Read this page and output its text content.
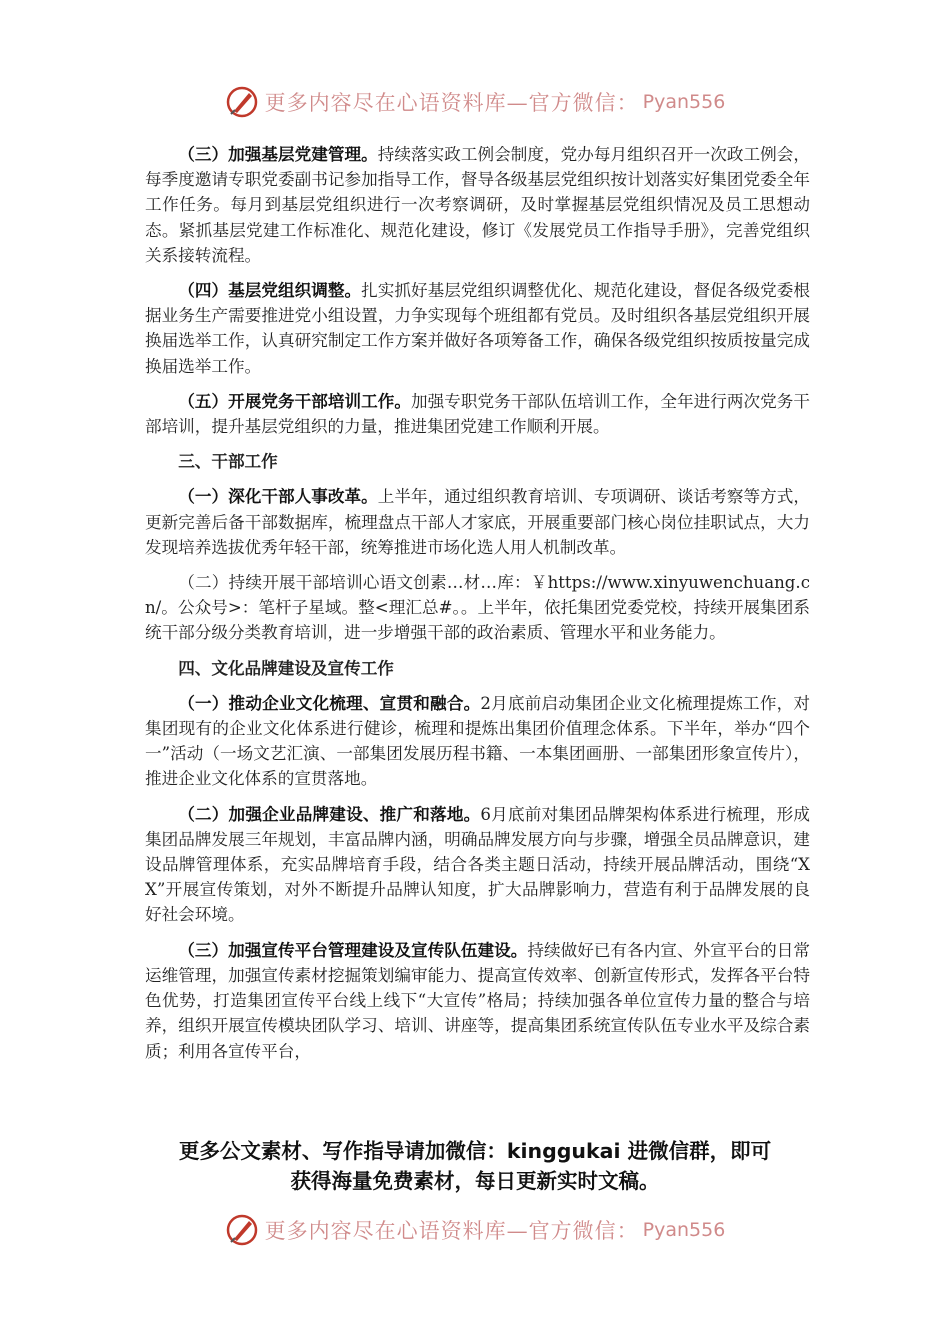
更多内容尽在心语资料库—官方微信： Pyan556
（三）加强基层党建管理。持续落实政工例会制度，党办每月组织召开一次政工例会，每季度邀请专职党委副书记参加指导工作，督导各级基层党组织按计划落实好集团党委全年工作任务。每月到基层党组织进行一次考察调研，及时掌握基层党组织情况及员工思想动态。紧抓基层党建工作标准化、规范化建设，修订《发展党员工作指导手册》，完善党组织关系接转流程。
（四）基层党组织调整。扎实抓好基层党组织调整优化、规范化建设，督促各级党委根据业务生产需要推进党小组设置，力争实现每个班组都有党员。及时组织各基层党组织开展换届选举工作，认真研究制定工作方案并做好各项筹备工作，确保各级党组织按质按量完成换届选举工作。
（五）开展党务干部培训工作。加强专职党务干部队伍培训工作，全年进行两次党务干部培训，提升基层党组织的力量，推进集团党建工作顺利开展。
三、干部工作
（一）深化干部人事改革。上半年，通过组织教育培训、专项调研、谈话考察等方式，更新完善后备干部数据库，梳理盘点干部人才家底，开展重要部门核心岗位挂职试点，大力发现培养选拔优秀年轻干部，统筹推进市场化选人用人机制改革。
（二）持续开展干部培训心语文创素…材…库：￥https://www.xinyuwenchuang.cn/。公众号>：笔杆子星域。整<理汇总#。。上半年，依托集团党委党校，持续开展集团系统干部分级分类教育培训，进一步增强干部的政治素质、管理水平和业务能力。
四、文化品牌建设及宣传工作
（一）推动企业文化梳理、宣贯和融合。2月底前启动集团企业文化梳理提炼工作，对集团现有的企业文化体系进行健诊，梳理和提炼出集团价值理念体系。下半年，举办“四个一”活动（一场文艺汇演、一部集团发展历程书籍、一本集团画册、一部集团形象宣传片），推进企业文化体系的宣贯落地。
（二）加强企业品牌建设、推广和落地。6月底前对集团品牌架构体系进行梳理，形成集团品牌发展三年规划，丰富品牌内涵，明确品牌发展方向与步骤，增强全员品牌意识，建设品牌管理体系，充实品牌培育手段，结合各类主题日活动，持续开展品牌活动，围绕“XX”开展宣传策划，对外不断提升品牌认知度，扩大品牌影响力，营造有利于品牌发展的良好社会环境。
（三）加强宣传平台管理建设及宣传队伍建设。持续做好已有各内宣、外宣平台的日常运维管理，加强宣传素材挖掘策划编审能力、提高宣传效率、创新宣传形式，发挥各平台特色优势，打造集团宣传平台线上线下“大宣传”格局；持续加强各单位宣传力量的整合与培养，组织开展宣传模块团队学习、培训、讲座等，提高集团系统宣传队伍专业水平及综合素质；利用各宣传平台，
更多公文素材、写作指导请加微信：kinggukai 进微信群，即可
获得海量免费素材，每日更新实时文稿。
更多内容尽在心语资料库—官方微信： Pyan556
